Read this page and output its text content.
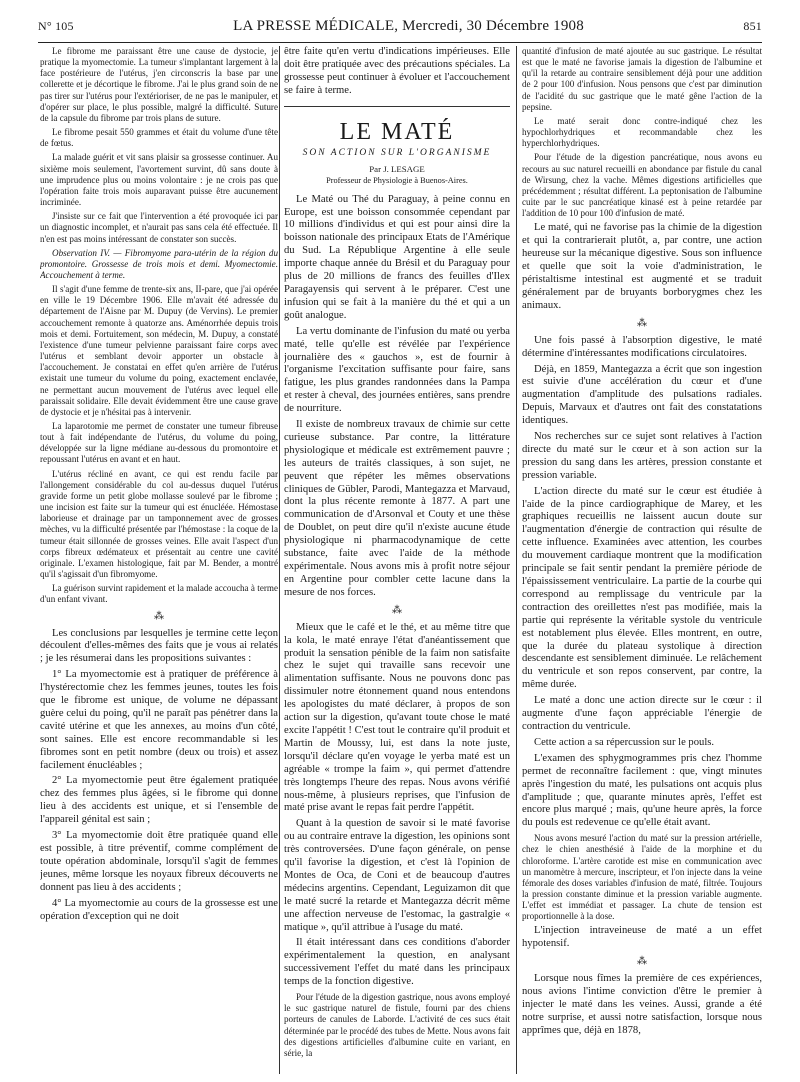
N° 105	LA PRESSE MÉDICALE, Mercredi, 30 Décembre 1908	851

Le fibrome me paraissant être une cause de dystocie, je pratique la myomectomie. La tumeur s'implantant largement à la face postérieure de l'utérus, j'en circonscris la base par une collerette et je décortique le fibrome. J'ai le plus grand soin de ne pas tirer sur l'utérus pour l'extérioriser, de ne pas le manipuler, et d'opérer sur place, le plus possible, malgré la difficulté. Suture de la capsule du fibrome par trois plans de suture.

Le fibrome pesait 550 grammes et était du volume d'une tête de fœtus.

La malade guérit et vit sans plaisir sa grossesse continuer. Au sixième mois seulement, l'avortement survint, dû sans doute à une imprudence plus ou moins volontaire : je ne crois pas que l'opération faite trois mois auparavant puisse être aucunement incriminée.

J'insiste sur ce fait que l'intervention a été provoquée ici par un diagnostic incomplet, et n'aurait pas sans cela été effectuée. Il n'en est pas moins intéressant de constater son succès.

Observation IV. — Fibromyome para-utérin de la région du promontoire. Grossesse de trois mois et demi. Myomectomie. Accouchement à terme.

Il s'agit d'une femme de trente-six ans, II-pare, que j'ai opérée en ville le 19 Décembre 1906. Elle m'avait été adressée du département de l'Aisne par M. Dupuy (de Vervins). Le premier accouchement remonte à quatorze ans. Aménorrhée depuis trois mois et demi. Fortuitement, son médecin, M. Dupuy, a constaté l'existence d'une tumeur pelvienne paraissant faire corps avec l'utérus et semblant devoir apporter un obstacle à l'accouchement. Je constatai en effet qu'en arrière de l'utérus existait une tumeur du volume du poing, exactement enclavée, ne permettant aucun mouvement de l'utérus avec lequel elle paraissait solidaire. Elle devait évidemment être une cause grave de dystocie et je n'hésitai pas à intervenir.

La laparotomie me permet de constater une tumeur fibreuse tout à fait indépendante de l'utérus, du volume du poing, développée sur la ligne médiane au-dessous du promontoire et repoussant l'utérus en avant et en haut.

L'utérus récliné en avant, ce qui est rendu facile par l'allongement considérable du col au-dessus duquel l'utérus gravide forme un petit globe mollasse soulevé par le fibrome ; une incision est faite sur la tumeur qui est énucléée. Hémostase laborieuse et drainage par un tamponnement avec de grosses mèches, vu la difficulté présentée par l'hémostase : la coque de la tumeur était sillonnée de grosses veines. Elle avait l'aspect d'un corps fibreux œdémateux et présentait au centre une cavité originale. L'examen histologique, fait par M. Bender, a montré qu'il s'agissait d'un fibromyome.

La guérison survint rapidement et la malade accoucha à terme d'un enfant vivant.

⁂

Les conclusions par lesquelles je termine cette leçon découlent d'elles-mêmes des faits que je vous ai relatés ; je les résumerai dans les propositions suivantes :

1° La myomectomie est à pratiquer de préférence à l'hystérectomie chez les femmes jeunes, toutes les fois que le fibrome est unique, de volume ne dépassant guère celui du poing, qu'il ne paraît pas pénétrer dans la cavité utérine et que les annexes, au moins d'un côté, sont saines. Elle est encore recommandable si les fibromes sont en petit nombre (deux ou trois) et assez facilement énucléables ;

2° La myomectomie peut être également pratiquée chez des femmes plus âgées, si le fibrome qui donne lieu à des accidents est unique, et si l'ensemble de l'appareil génital est sain ;

3° La myomectomie doit être pratiquée quand elle est possible, à titre préventif, comme complément de toute opération abdominale, lorsqu'il s'agit de femmes jeunes, même lorsque les noyaux fibreux découverts ne donnent pas lieu à des accidents ;

4° La myomectomie au cours de la grossesse est une opération d'exception qui ne doit

être faite qu'en vertu d'indications impérieuses. Elle doit être pratiquée avec des précautions spéciales. La grossesse peut continuer à évoluer et l'accouchement se faire à terme.

LE MATÉ
SON ACTION SUR L'ORGANISME
Par J. LESAGE
Professeur de Physiologie à Buenos-Aires.

Le Maté ou Thé du Paraguay, à peine connu en Europe, est une boisson consommée cependant par 10 millions d'individus et qui est pour ainsi dire la boisson nationale des principaux Etats de l'Amérique du Sud. La République Argentine à elle seule importe chaque année du Brésil et du Paraguay pour plus de 20 millions de francs des feuilles d'Ilex Paragayensis qui servent à le préparer. C'est une infusion qui se fait à la manière du thé et qui a un goût analogue.

La vertu dominante de l'infusion du maté ou yerba maté, telle qu'elle est révélée par l'expérience journalière des « gauchos », est de fournir à l'organisme l'excitation suffisante pour faire, sans fatigue, les plus grandes randonnées dans la Pampa et rester à cheval, des journées entières, sans prendre de nourriture.

Il existe de nombreux travaux de chimie sur cette curieuse substance. Par contre, la littérature physiologique et médicale est extrêmement pauvre ; les auteurs de traités classiques, à son sujet, ne peuvent que répéter les mêmes observations cliniques de Gübler, Parodi, Mantegazza et Marvaud, dont la plus récente remonte à 1877. A part une communication de d'Arsonval et Couty et une thèse de Doublet, on peut dire qu'il n'existe aucune étude physiologique ni pharmacodynamique de cette substance, faite avec l'aide de la méthode expérimentale. Nous avons mis à profit notre séjour en Argentine pour combler cette lacune dans la mesure de nos forces.

⁂

Mieux que le café et le thé, et au même titre que la kola, le maté enraye l'état d'anéantissement que produit la sensation pénible de la faim non satisfaite chez le sujet qui travaille sans recevoir une alimentation suffisante. Nous ne pouvons donc pas dissimuler notre étonnement quand nous entendons les apologistes du maté déclarer, à propos de son action sur la digestion, qu'avant toute chose le maté excite l'appétit ! C'est tout le contraire qu'il produit et Martin de Moussy, lui, est dans la note juste, lorsqu'il déclare qu'en voyage le yerba maté est un agréable « trompe la faim », qui permet d'attendre très longtemps l'heure des repas. Nous avons vérifié nous-même, à plusieurs reprises, que l'infusion de maté prise avant le repas fait perdre l'appétit.

Quant à la question de savoir si le maté favorise ou au contraire entrave la digestion, les opinions sont très controversées. D'une façon générale, on pense qu'il favorise la digestion, et c'est là l'opinion de Montes de Oca, de Coni et de beaucoup d'autres médecins argentins. Cependant, Leguizamon dit que le maté sucré la retarde et Mantegazza décrit même une affection nerveuse de l'estomac, la gastralgie « matique », qu'il attribue à l'usage du maté.

Il était intéressant dans ces conditions d'aborder expérimentalement la question, en analysant successivement l'effet du maté dans les principaux temps de la fonction digestive.

Pour l'étude de la digestion gastrique, nous avons employé le suc gastrique naturel de fistule, fourni par des chiens porteurs de canules de Laborde. L'activité de ces sucs était déterminée par le procédé des tubes de Mette. Nous avons fait des digestions artificielles d'albumine cuite en variant, en série, la

quantité d'infusion de maté ajoutée au suc gastrique. Le résultat est que le maté ne favorise jamais la digestion de l'albumine et qu'il la retarde au contraire sensiblement déjà pour une addition de 2 pour 100 d'infusion. Nous pensons que c'est par diminution de l'acidité du suc gastrique que le maté gêne l'action de la pepsine.

Le maté serait donc contre-indiqué chez les hypochlorhydriques et recommandable chez les hyperchlorhydriques.

Pour l'étude de la digestion pancréatique, nous avons eu recours au suc naturel recueilli en abondance par fistule du canal de Wirsung, chez la vache. Mêmes digestions artificielles que précédemment ; résultat différent. La peptonisation de l'albumine cuite par le suc pancréatique kinasé est à peine retardée par l'addition de 10 pour 100 d'infusion de maté.

Le maté, qui ne favorise pas la chimie de la digestion et qui la contrarierait plutôt, a, par contre, une action heureuse sur la mécanique digestive. Sous son influence et quelle que soit la voie d'administration, le péristaltisme intestinal est augmenté et se traduit généralement par de bruyants borborygmes chez les animaux.

⁂

Une fois passé à l'absorption digestive, le maté détermine d'intéressantes modifications circulatoires.

Déjà, en 1859, Mantegazza a écrit que son ingestion est suivie d'une accélération du cœur et d'une augmentation d'amplitude des pulsations radiales. Depuis, Marvaux et d'autres ont fait des constatations identiques.

Nos recherches sur ce sujet sont relatives à l'action directe du maté sur le cœur et à son action sur la pression du sang dans les artères, pression constante et pression variable.

L'action directe du maté sur le cœur est étudiée à l'aide de la pince cardiographique de Marey, et les graphiques recueillis ne laissent aucun doute sur l'augmentation d'énergie de contraction qui résulte de cette influence. Examinées avec attention, les courbes du mouvement cardiaque montrent que la modification principale se fait sentir pendant la première période de l'épaississement ventriculaire. La partie de la courbe qui correspond au remplissage du ventricule par la contraction des oreillettes n'est pas modifiée, mais la partie qui représente la véritable systole du ventricule est notablement plus élevée. Elles montrent, en outre, que la durée du plateau systolique à direction descendante est sensiblement diminuée. Le relâchement du ventricule et son repos conservent, par contre, la même durée.

Le maté a donc une action directe sur le cœur : il augmente d'une façon appréciable l'énergie de contraction du ventricule.

Cette action a sa répercussion sur le pouls.

L'examen des sphygmogrammes pris chez l'homme permet de reconnaître facilement : que, vingt minutes après l'ingestion du maté, les pulsations ont acquis plus d'amplitude ; que, quarante minutes après, l'effet est encore plus marqué ; mais, qu'une heure après, la force du pouls est redevenue ce qu'elle était avant.

Nous avons mesuré l'action du maté sur la pression artérielle, chez le chien anesthésié à l'aide de la morphine et du chloroforme. L'artère carotide est mise en communication avec un manomètre à mercure, inscripteur, et l'on injecte dans la veine fémorale des doses variables d'infusion de maté, filtrée. Toujours la pression constante diminue et la pression variable augmente. L'effet est immédiat et passager. La chute de tension est proportionnelle à la dose.

L'injection intraveineuse de maté a un effet hypotensif.

⁂

Lorsque nous fîmes la première de ces expériences, nous avions l'intime conviction d'être le premier à injecter le maté dans les veines. Aussi, grande a été notre surprise, et aussi notre satisfaction, lorsque nous apprîmes que, déjà en 1878,
